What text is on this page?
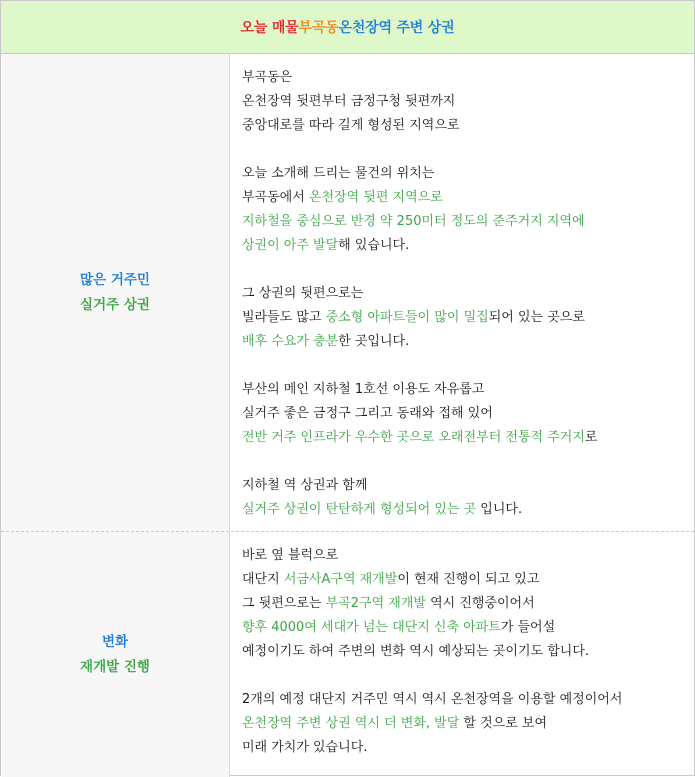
오늘 매물 부곡동 온천장역 주변 상권
많은 거주민
실거주 상권
부곡동은
온천장역 뒷편부터 금정구청 뒷편까지
중앙대로를 따라 길게 형성된 지역으로
오늘 소개해 드리는 물건의 위치는
부곡동에서 온천장역 뒷편 지역으로
지하철을 중심으로 반경 약 250미터 정도의 준주거지 지역에
상권이 아주 발달해 있습니다.
그 상권의 뒷편으로는
빌라들도 많고 중소형 아파트들이 많이 밀집되어 있는 곳으로
배후 수요가 충분한 곳입니다.
부산의 메인 지하철 1호선 이용도 자유롭고
실거주 좋은 금정구 그리고 동래와 접해 있어
전반 거주 인프라가 우수한 곳으로 오래전부터 전통적 주거지로
지하철 역 상권과 함께
실거주 상권이 탄탄하게 형성되어 있는 곳 입니다.
변화
재개발 진행
바로 옆 블럭으로
대단지 서금사A구역 재개발이 현재 진행이 되고 있고
그 뒷편으로는 부곡2구역 재개발 역시 진행중이어서
향후 4000여 세대가 넘는 대단지 신축 아파트가 들어설
예정이기도 하여 주변의 변화 역시 예상되는 곳이기도 합니다.
2개의 예정 대단지 거주민 역시 역시 온천장역을 이용할 예정이어서
온천장역 주변 상권 역시 더 변화, 발달 할 것으로 보여
미래 가치가 있습니다.
